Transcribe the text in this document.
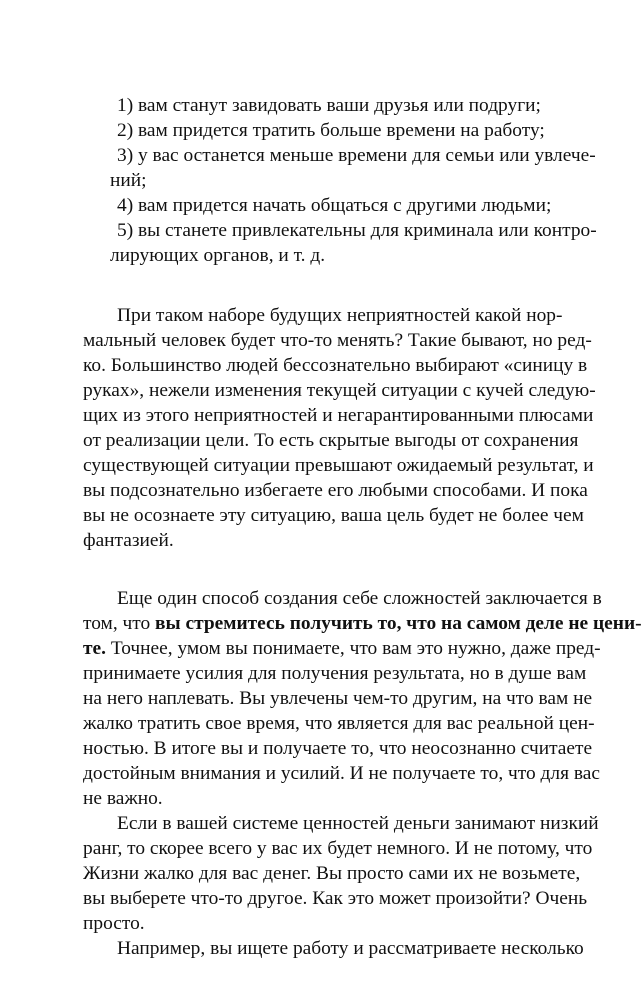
1) вам станут завидовать ваши друзья или подруги;
2) вам придется тратить больше времени на работу;
3) у вас останется меньше времени для семьи или увлече-
ний;
4) вам придется начать общаться с другими людьми;
5) вы станете привлекательны для криминала или контро-
лирующих органов, и т. д.
При таком наборе будущих неприятностей какой нор-
мальный человек будет что-то менять? Такие бывают, но ред-
ко. Большинство людей бессознательно выбирают «синицу в
руках», нежели изменения текущей ситуации с кучей следую-
щих из этого неприятностей и негарантированными плюсами
от реализации цели. То есть скрытые выгоды от сохранения
существующей ситуации превышают ожидаемый результат, и
вы подсознательно избегаете его любыми способами. И пока
вы не осознаете эту ситуацию, ваша цель будет не более чем
фантазией.
Еще один способ создания себе сложностей заключается в
том, что вы стремитесь получить то, что на самом деле не цени-
те. Точнее, умом вы понимаете, что вам это нужно, даже пред-
принимаете усилия для получения результата, но в душе вам
на него наплевать. Вы увлечены чем-то другим, на что вам не
жалко тратить свое время, что является для вас реальной цен-
ностью. В итоге вы и получаете то, что неосознанно считаете
достойным внимания и усилий. И не получаете то, что для вас
не важно.
Если в вашей системе ценностей деньги занимают низкий
ранг, то скорее всего у вас их будет немного. И не потому, что
Жизни жалко для вас денег. Вы просто сами их не возьмете,
вы выберете что-то другое. Как это может произойти? Очень
просто.
Например, вы ищете работу и рассматриваете несколько
